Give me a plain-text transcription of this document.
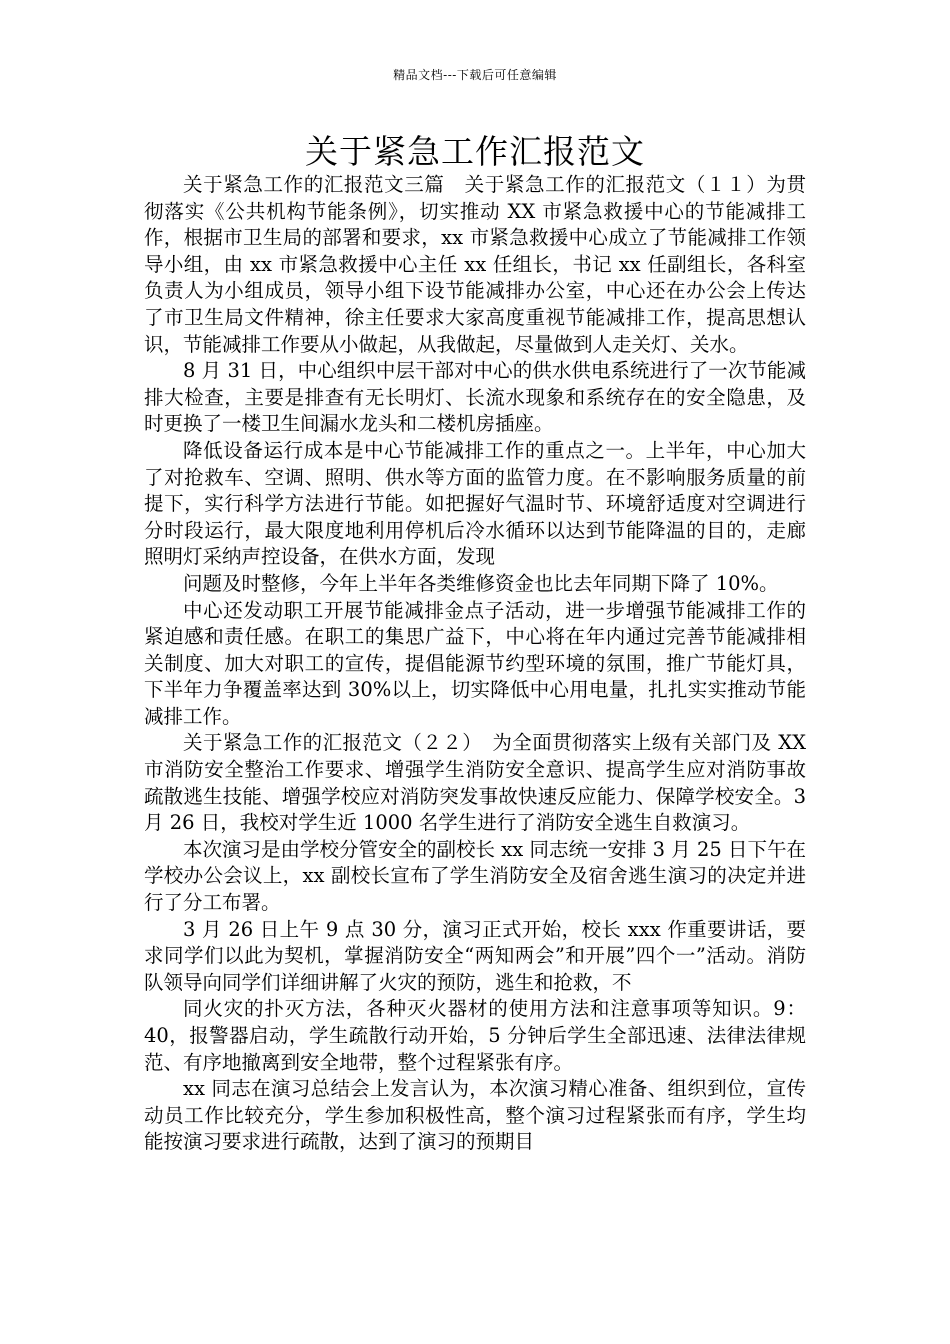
精品文档---下载后可任意编辑
关于紧急工作汇报范文

关于紧急工作的汇报范文三篇　关于紧急工作的汇报范文（１１）为贯彻落实《公共机构节能条例》，切实推动 XX 市紧急救援中心的节能减排工作，根据市卫生局的部署和要求，xx 市紧急救援中心成立了节能减排工作领导小组，由 xx 市紧急救援中心主任 xx 任组长，书记 xx 任副组长，各科室负责人为小组成员，领导小组下设节能减排办公室，中心还在办公会上传达了市卫生局文件精神，徐主任要求大家高度重视节能减排工作，提高思想认识，节能减排工作要从小做起，从我做起，尽量做到人走关灯、关水。

8 月 31 日，中心组织中层干部对中心的供水供电系统进行了一次节能减排大检查，主要是排查有无长明灯、长流水现象和系统存在的安全隐患，及时更换了一楼卫生间漏水龙头和二楼机房插座。

降低设备运行成本是中心节能减排工作的重点之一。上半年，中心加大了对抢救车、空调、照明、供水等方面的监管力度。在不影响服务质量的前提下，实行科学方法进行节能。如把握好气温时节、环境舒适度对空调进行分时段运行，最大限度地利用停机后冷水循环以达到节能降温的目的，走廊照明灯采纳声控设备，在供水方面，发现

问题及时整修，今年上半年各类维修资金也比去年同期下降了 10%。

中心还发动职工开展节能减排金点子活动，进一步增强节能减排工作的紧迫感和责任感。在职工的集思广益下，中心将在年内通过完善节能减排相关制度、加大对职工的宣传，提倡能源节约型环境的氛围，推广节能灯具，下半年力争覆盖率达到 30%以上，切实降低中心用电量，扎扎实实推动节能减排工作。

关于紧急工作的汇报范文（２２）　为全面贯彻落实上级有关部门及 XX 市消防安全整治工作要求、增强学生消防安全意识、提高学生应对消防事故疏散逃生技能、增强学校应对消防突发事故快速反应能力、保障学校安全。3 月 26 日，我校对学生近 1000 名学生进行了消防安全逃生自救演习。

本次演习是由学校分管安全的副校长 xx 同志统一安排 3 月 25 日下午在学校办公会议上，xx 副校长宣布了学生消防安全及宿舍逃生演习的决定并进行了分工布署。

3 月 26 日上午 9 点 30 分，演习正式开始，校长 xxx 作重要讲话，要求同学们以此为契机，掌握消防安全“两知两会”和开展”四个一”活动。消防队领导向同学们详细讲解了火灾的预防，逃生和抢救，不

同火灾的扑灭方法，各种灭火器材的使用方法和注意事项等知识。9：40，报警器启动，学生疏散行动开始，5 分钟后学生全部迅速、法律法律规范、有序地撤离到安全地带，整个过程紧张有序。

xx 同志在演习总结会上发言认为，本次演习精心准备、组织到位，宣传动员工作比较充分，学生参加积极性高，整个演习过程紧张而有序，学生均能按演习要求进行疏散，达到了演习的预期目
